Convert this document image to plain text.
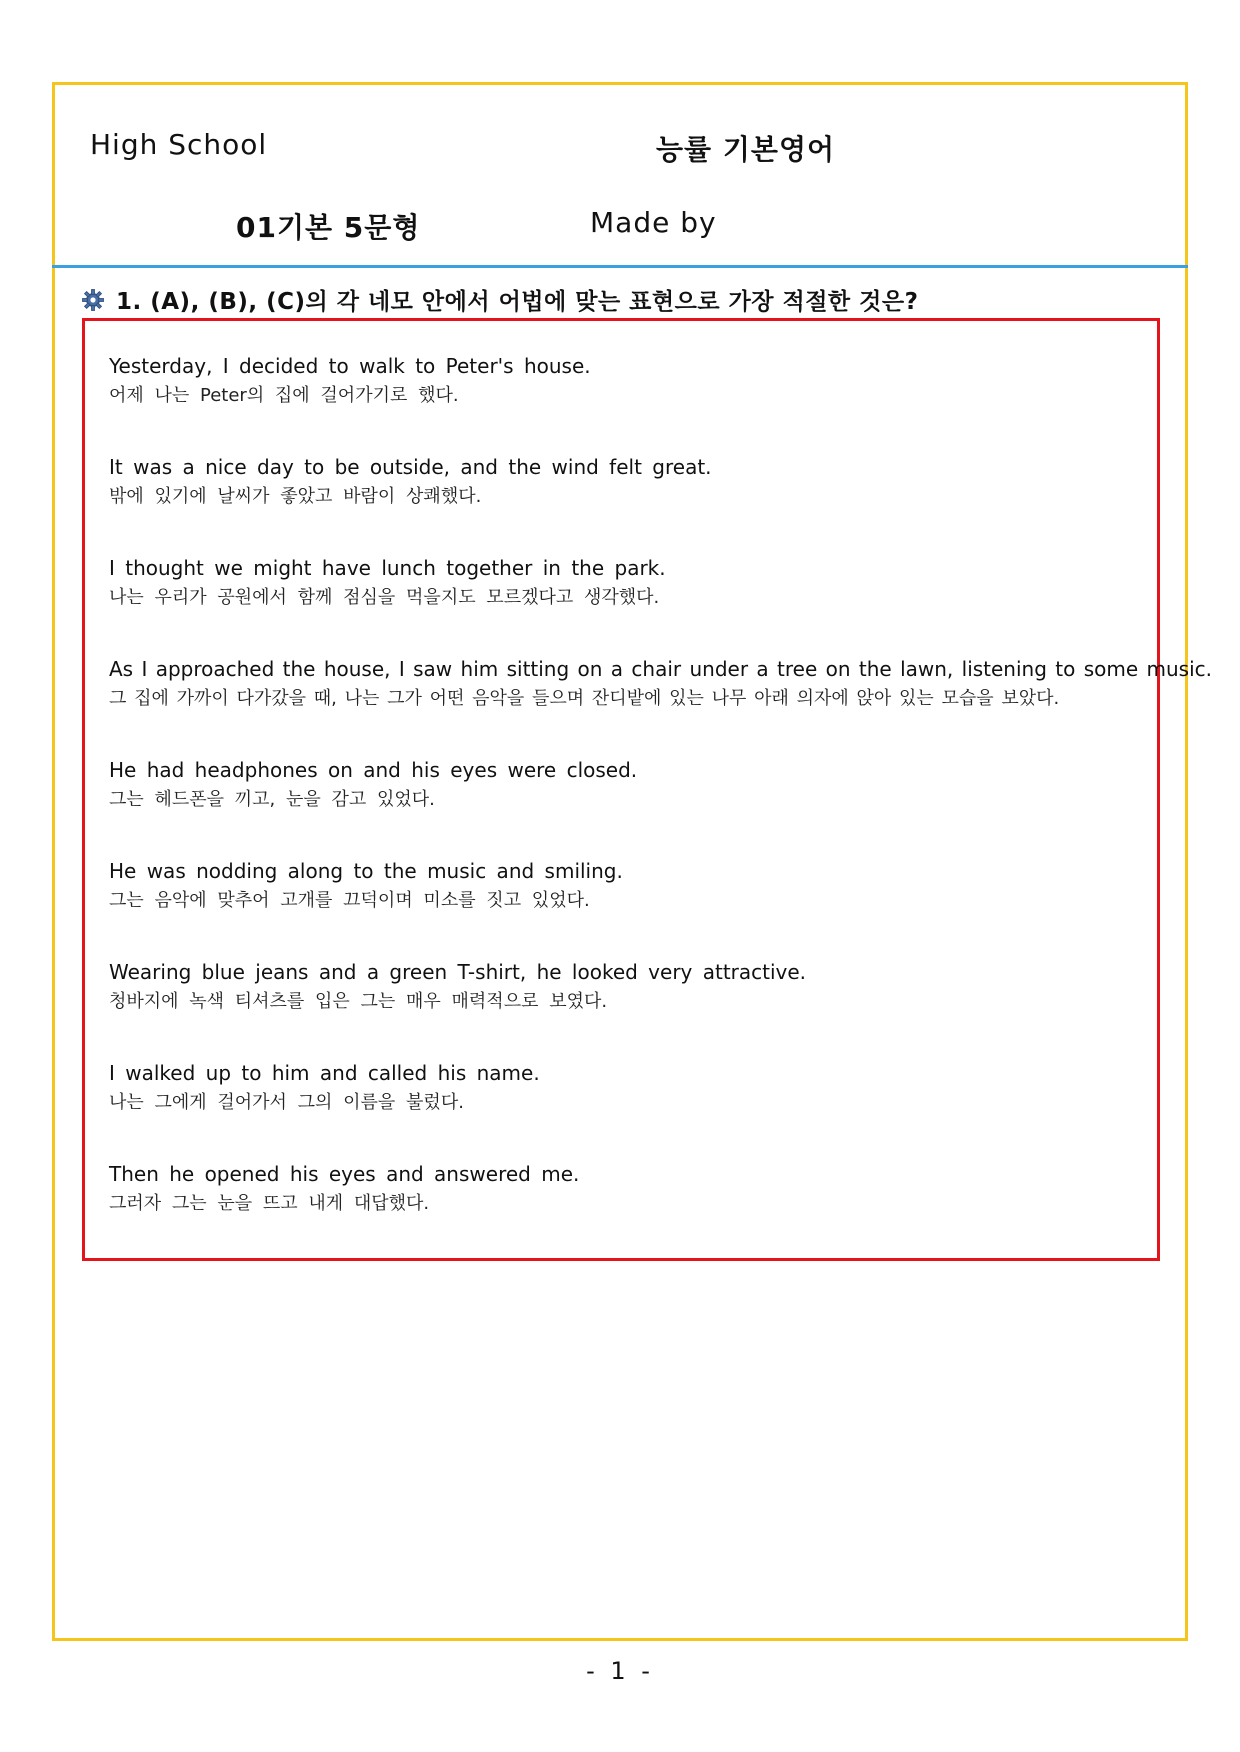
High School	능률 기본영어
01기본 5문형	Made by
1. (A), (B), (C)의 각 네모 안에서 어법에 맞는 표현으로 가장 적절한 것은?
Yesterday, I decided to walk to Peter's house.
어제 나는 Peter의 집에 걸어가기로 했다.
It was a nice day to be outside, and the wind felt great.
밖에 있기에 날씨가 좋았고 바람이 상쾌했다.
I thought we might have lunch together in the park.
나는 우리가 공원에서 함께 점심을 먹을지도 모르겠다고 생각했다.
As I approached the house, I saw him sitting on a chair under a tree on the lawn, listening to some music.
그 집에 가까이 다가갔을 때, 나는 그가 어떤 음악을 들으며 잔디밭에 있는 나무 아래 의자에 앉아 있는 모습을 보았다.
He had headphones on and his eyes were closed.
그는 헤드폰을 끼고, 눈을 감고 있었다.
He was nodding along to the music and smiling.
그는 음악에 맞추어 고개를 끄덕이며 미소를 짓고 있었다.
Wearing blue jeans and a green T-shirt, he looked very attractive.
청바지에 녹색 티셔츠를 입은 그는 매우 매력적으로 보였다.
I walked up to him and called his name.
나는 그에게 걸어가서 그의 이름을 불렀다.
Then he opened his eyes and answered me.
그러자 그는 눈을 뜨고 내게 대답했다.
- 1 -
